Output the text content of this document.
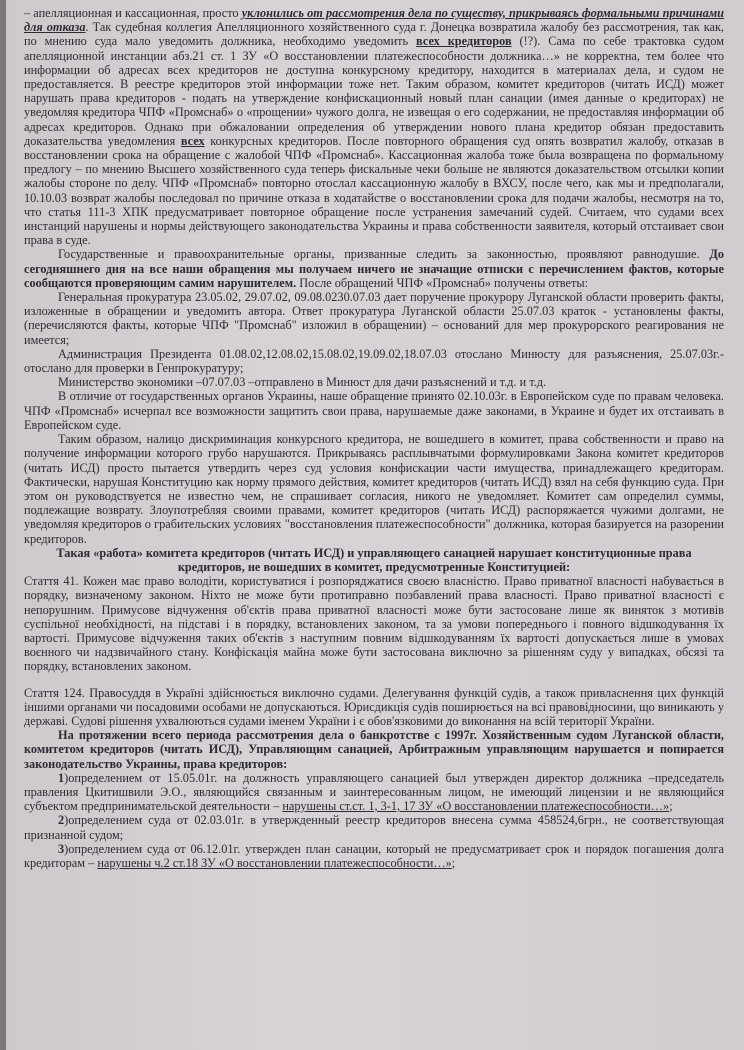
– апелляционная и кассационная, просто уклонились от рассмотрения дела по существу, прикрываясь формальными причинами для отказа. Так судебная коллегия Апелляционного хозяйственного суда г. Донецка возвратила жалобу без рассмотрения, так как, по мнению суда мало уведомить должника, необходимо уведомить всех кредиторов (!?). Сама по себе трактовка судом апелляционной инстанции абз.21 ст. 1 ЗУ «О восстановлении платежеспособности должника…» не корректна, тем более что информации об адресах всех кредиторов не доступна конкурсному кредитору, находится в материалах дела, и судом не предоставляется. В реестре кредиторов этой информации тоже нет. Таким образом, комитет кредиторов (читать ИСД) может нарушать права кредиторов - подать на утверждение конфискационный новый план санации (имея данные о кредиторах) не уведомляя кредитора ЧПФ «Промснаб» о «прощении» чужого долга, не извещая о его содержании, не предоставляя информации об адресах кредиторов. Однако при обжаловании определения об утверждении нового плана кредитор обязан предоставить доказательства уведомления всех конкурсных кредиторов. После повторного обращения суд опять возвратил жалобу, отказав в восстановлении срока на обращение с жалобой ЧПФ «Промснаб». Кассационная жалоба тоже была возвращена по формальному предлогу – по мнению Высшего хозяйственного суда теперь фискальные чеки больше не являются доказательством отсылки копии жалобы стороне по делу. ЧПФ «Промснаб» повторно отослал кассационную жалобу в ВХСУ, после чего, как мы и предполагали, 10.10.03 возврат жалобы последовал по причине отказа в ходатайстве о восстановлении срока для подачи жалобы, несмотря на то, что статья 111-3 ХПК предусматривает повторное обращение после устранения замечаний судей. Считаем, что судами всех инстанций нарушены и нормы действующего законодательства Украины и права собственности заявителя, который отстаивает свои права в суде.

Государственные и правоохранительные органы, призванные следить за законностью, проявляют равнодушие. До сегодняшнего дня на все наши обращения мы получаем ничего не значащие отписки с перечислением фактов, которые сообщаются проверяющим самим нарушителем. После обращений ЧПФ «Промснаб» получены ответы:

Генеральная прокуратура 23.05.02, 29.07.02, 09.08.0230.07.03 дает поручение прокурору Луганской области проверить факты, изложенные в обращении и уведомить автора. Ответ прокуратура Луганской области 25.07.03 краток - установлены факты, (перечисляются факты, которые ЧПФ "Промснаб" изложил в обращении) – оснований для мер прокурорского реагирования не имеется;

Администрация Президента 01.08.02,12.08.02,15.08.02,19.09.02,18.07.03 отослано Минюсту для разъяснения, 25.07.03г.- отослано для проверки в Генпрокуратуру;

Министерство экономики –07.07.03 –отправлено в Минюст для дачи разъяснений и т.д. и т.д.

В отличие от государственных органов Украины, наше обращение принято 02.10.03г. в Европейском суде по правам человека. ЧПФ «Промснаб» исчерпал все возможности защитить свои права, нарушаемые даже законами, в Украине и будет их отстаивать в Европейском суде.

Таким образом, налицо дискриминация конкурсного кредитора, не вошедшего в комитет, права собственности и право на получение информации которого грубо нарушаются. Прикрываясь расплывчатыми формулировками Закона комитет кредиторов (читать ИСД) просто пытается утвердить через суд условия конфискации части имущества, принадлежащего кредиторам. Фактически, нарушая Конституцию как норму прямого действия, комитет кредиторов (читать ИСД) взял на себя функцию суда. При этом он руководствуется не известно чем, не спрашивает согласия, никого не уведомляет. Комитет сам определил суммы, подлежащие возврату. Злоупотребляя своими правами, комитет кредиторов (читать ИСД) распоряжается чужими долгами, не уведомляя кредиторов о грабительских условиях "восстановления платежеспособности" должника, которая базируется на разорении кредиторов.

Такая «работа» комитета кредиторов (читать ИСД) и управляющего санацией нарушает конституционные права кредиторов, не вошедших в комитет, предусмотренные Конституцией:

Стаття 41. Кожен має право володіти, користуватися і розпоряджатися своєю власністю. Право приватної власності набувається в порядку, визначеному законом. Ніхто не може бути протиправно позбавлений права власності. Право приватної власності є непорушним. Примусове відчуження об'єктів права приватної власності може бути застосоване лише як виняток з мотивів суспільної необхідності, на підставі і в порядку, встановлених законом, та за умови попереднього і повного відшкодування їх вартості. Примусове відчуження таких об'єктів з наступним повним відшкодуванням їх вартості допускається лише в умовах воєнного чи надзвичайного стану. Конфіскація майна може бути застосована виключно за рішенням суду у випадках, обсязі та порядку, встановлених законом.

Стаття 124. Правосуддя в Україні здійснюється виключно судами. Делегування функцій судів, а також привласнення цих функцій іншими органами чи посадовими особами не допускаються. Юрисдикція судів поширюється на всі правовідносини, що виникають у державі. Судові рішення ухвалюються судами іменем України і є обов'язковими до виконання на всій території України.

На протяжении всего периода рассмотрения дела о банкротстве с 1997г. Хозяйственным судом Луганской области, комитетом кредиторов (читать ИСД), Управляющим санацией, Арбитражным управляющим нарушается и попирается законодательство Украины, права кредиторов:

1)определением от 15.05.01г. на должность управляющего санацией был утвержден директор должника –председатель правления Цкитишвили Э.О., являющийся связанным и заинтересованным лицом, не имеющий лицензии и не являющийся субъектом предпринимательской деятельности – нарушены ст.ст. 1, 3-1, 17 ЗУ «О восстановлении платежеспособности…»;

2)определением суда от 02.03.01г. в утвержденный реестр кредиторов внесена сумма 458524,6грн., не соответствующая признанной судом;

3)определением суда от 06.12.01г. утвержден план санации, который не предусматривает срок и порядок погашения долга кредиторам – нарушены ч.2 ст.18 ЗУ «О восстановлении платежеспособности…»;
